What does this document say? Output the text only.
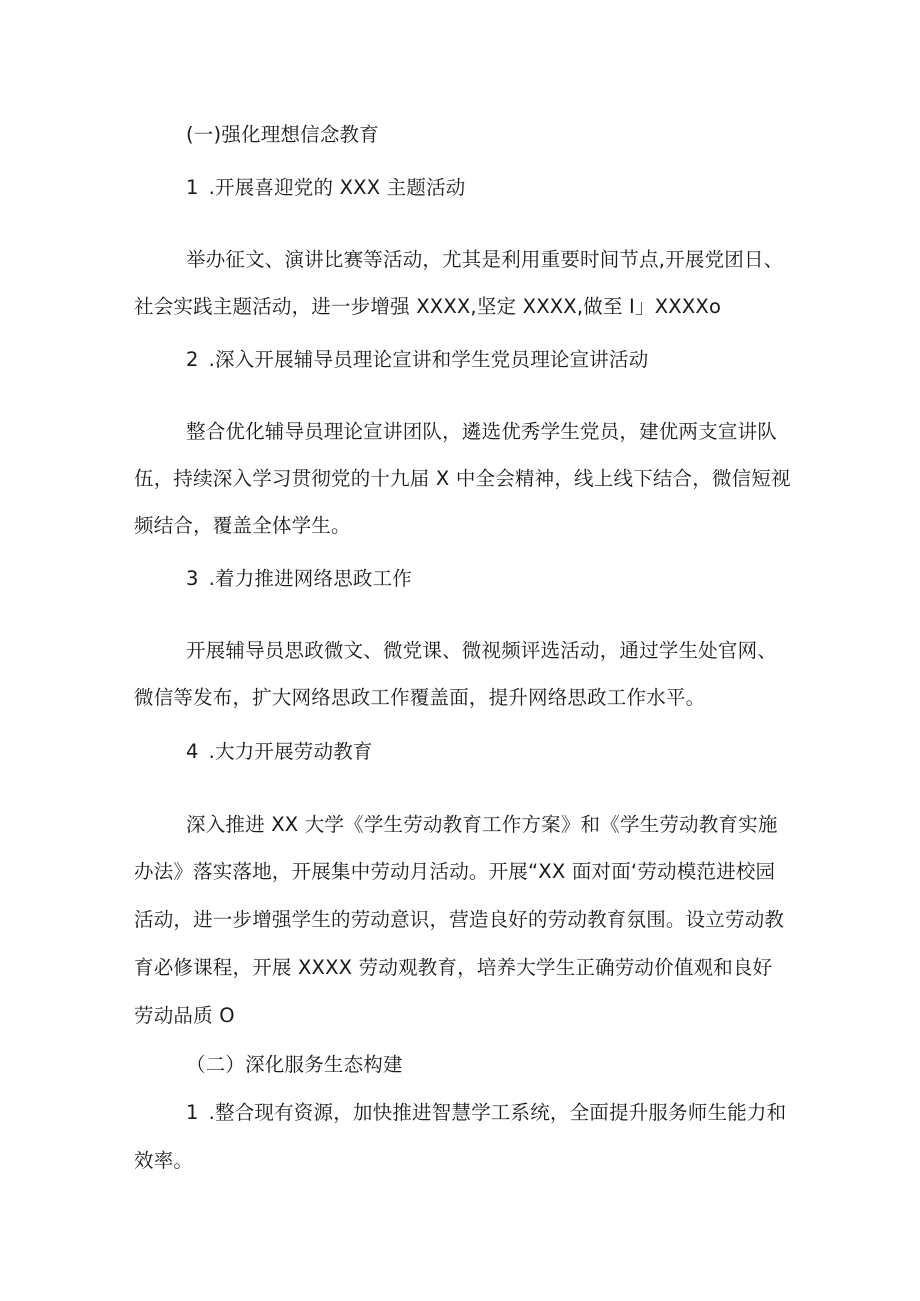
(一)强化理想信念教育
1 .开展喜迎党的 XXX 主题活动
举办征文、演讲比赛等活动，尤其是利用重要时间节点,开展党团日、
社会实践主题活动，进一步增强 XXXX,坚定 XXXX,做至 I」XXXXo
2 .深入开展辅导员理论宣讲和学生党员理论宣讲活动
整合优化辅导员理论宣讲团队，遴选优秀学生党员，建优两支宣讲队
伍，持续深入学习贯彻党的十九届 X 中全会精神，线上线下结合，微信短视
频结合，覆盖全体学生。
3 .着力推进网络思政工作
开展辅导员思政微文、微党课、微视频评选活动，通过学生处官网、
微信等发布，扩大网络思政工作覆盖面，提升网络思政工作水平。
4 .大力开展劳动教育
深入推进 XX 大学《学生劳动教育工作方案》和《学生劳动教育实施
办法》落实落地，开展集中劳动月活动。开展“XX 面对面‘劳动模范进校园
活动，进一步增强学生的劳动意识，营造良好的劳动教育氛围。设立劳动教
育必修课程，开展 XXXX 劳动观教育，培养大学生正确劳动价值观和良好
劳动品质 O
（二）深化服务生态构建
1 .整合现有资源，加快推进智慧学工系统，全面提升服务师生能力和
效率。
